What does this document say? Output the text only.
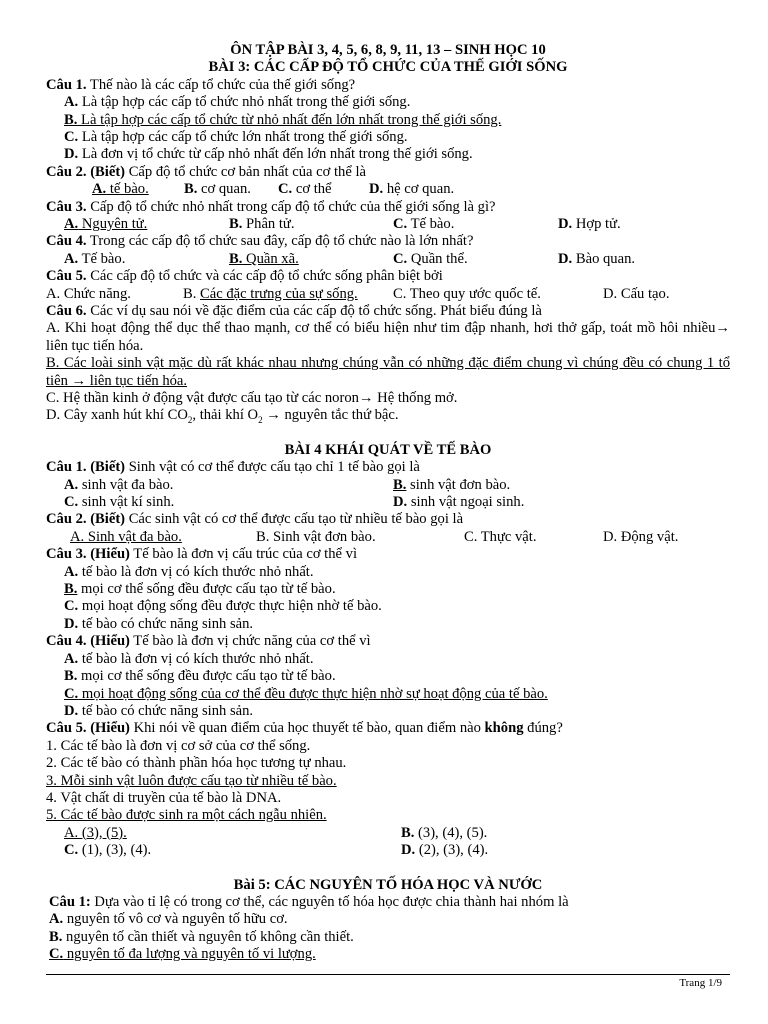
ÔN TẬP BÀI 3, 4, 5, 6, 8, 9, 11, 13 – SINH HỌC 10
BÀI 3: CÁC CẤP ĐỘ TỔ CHỨC CỦA THẾ GIỚI SỐNG
Câu 1. Thế nào là các cấp tổ chức của thế giới sống?
A. Là tập hợp các cấp tổ chức nhỏ nhất trong thế giới sống.
B. Là tập hợp các cấp tổ chức từ nhỏ nhất đến lớn nhất trong thế giới sống.
C. Là tập hợp các cấp tổ chức lớn nhất trong thế giới sống.
D. Là đơn vị tổ chức từ cấp nhỏ nhất đến lớn nhất trong thế giới sống.
Câu 2. (Biết) Cấp độ tổ chức cơ bản nhất của cơ thể là
A. tế bào. B. cơ quan. C. cơ thể	D. hệ cơ quan.
Câu 3. Cấp độ tổ chức nhỏ nhất trong cấp độ tổ chức của thế giới sống là gì?
A. Nguyên tử.	B. Phân tử.	C. Tế bào.	D. Hợp tử.
Câu 4. Trong các cấp độ tổ chức sau đây, cấp độ tổ chức nào là lớn nhất?
A. Tế bào.	B. Quần xã.	C. Quần thể.	D. Bào quan.
Câu 5. Các cấp độ tổ chức và các cấp độ tổ chức sống phân biệt bởi
A. Chức năng.	B. Các đặc trưng của sự sống. C. Theo quy ước quốc tế.	D. Cấu tạo.
Câu 6. Các ví dụ sau nói về đặc điểm của các cấp độ tổ chức sống. Phát biểu đúng là
A. Khi hoạt động thể dục thể thao mạnh, cơ thể có biểu hiện như tim đập nhanh, hơi thở gấp, toát mồ hôi nhiều→ liên tục tiến hóa.
B. Các loài sinh vật mặc dù rất khác nhau nhưng chúng vẫn có những đặc điểm chung vì chúng đều có chung 1 tổ tiên → liên tục tiến hóa.
C. Hệ thần kinh ở động vật được cấu tạo từ các noron→ Hệ thống mở.
D. Cây xanh hút khí $CO_2$, thải khí $O_2$ → nguyên tắc thứ bậc.
BÀI 4 KHÁI QUÁT VỀ TẾ BÀO
Câu 1. (Biết) Sinh vật có cơ thể được cấu tạo chỉ 1 tế bào gọi là
A. sinh vật đa bào.	B. sinh vật đơn bào.
C. sinh vật kí sinh.	D. sinh vật ngoại sinh.
Câu 2. (Biết) Các sinh vật có cơ thể được cấu tạo từ nhiều tế bào gọi là
A. Sinh vật đa bào.	B. Sinh vật đơn bào.	C. Thực vật.	D. Động vật.
Câu 3. (Hiểu) Tế bào là đơn vị cấu trúc của cơ thể vì
A. tế bào là đơn vị có kích thước nhỏ nhất.
B. mọi cơ thể sống đều được cấu tạo từ tế bào.
C. mọi hoạt động sống đều được thực hiện nhờ tế bào.
D. tế bào có chức năng sinh sản.
Câu 4. (Hiểu) Tế bào là đơn vị chức năng của cơ thể vì
A. tế bào là đơn vị có kích thước nhỏ nhất.
B. mọi cơ thể sống đều được cấu tạo từ tế bào.
C. mọi hoạt động sống của cơ thể đều được thực hiện nhờ sự hoạt động của tế bào.
D. tế bào có chức năng sinh sản.
Câu 5. (Hiểu) Khi nói về quan điểm của học thuyết tế bào, quan điểm nào không đúng?
1. Các tế bào là đơn vị cơ sở của cơ thể sống.
2. Các tế bào có thành phần hóa học tương tự nhau.
3. Mỗi sinh vật luôn được cấu tạo từ nhiều tế bào.
4. Vật chất di truyền của tế bào là DNA.
5. Các tế bào được sinh ra một cách ngẫu nhiên.
A. (3), (5).	B. (3), (4), (5).
C. (1), (3), (4).	D. (2), (3), (4).
Bài 5: CÁC NGUYÊN TỐ HÓA HỌC VÀ NƯỚC
Câu 1: Dựa vào tỉ lệ có trong cơ thể, các nguyên tố hóa học được chia thành hai nhóm là
A. nguyên tố vô cơ và nguyên tố hữu cơ.
B. nguyên tố cần thiết và nguyên tố không cần thiết.
C. nguyên tố đa lượng và nguyên tố vi lượng.
Trang 1/9
